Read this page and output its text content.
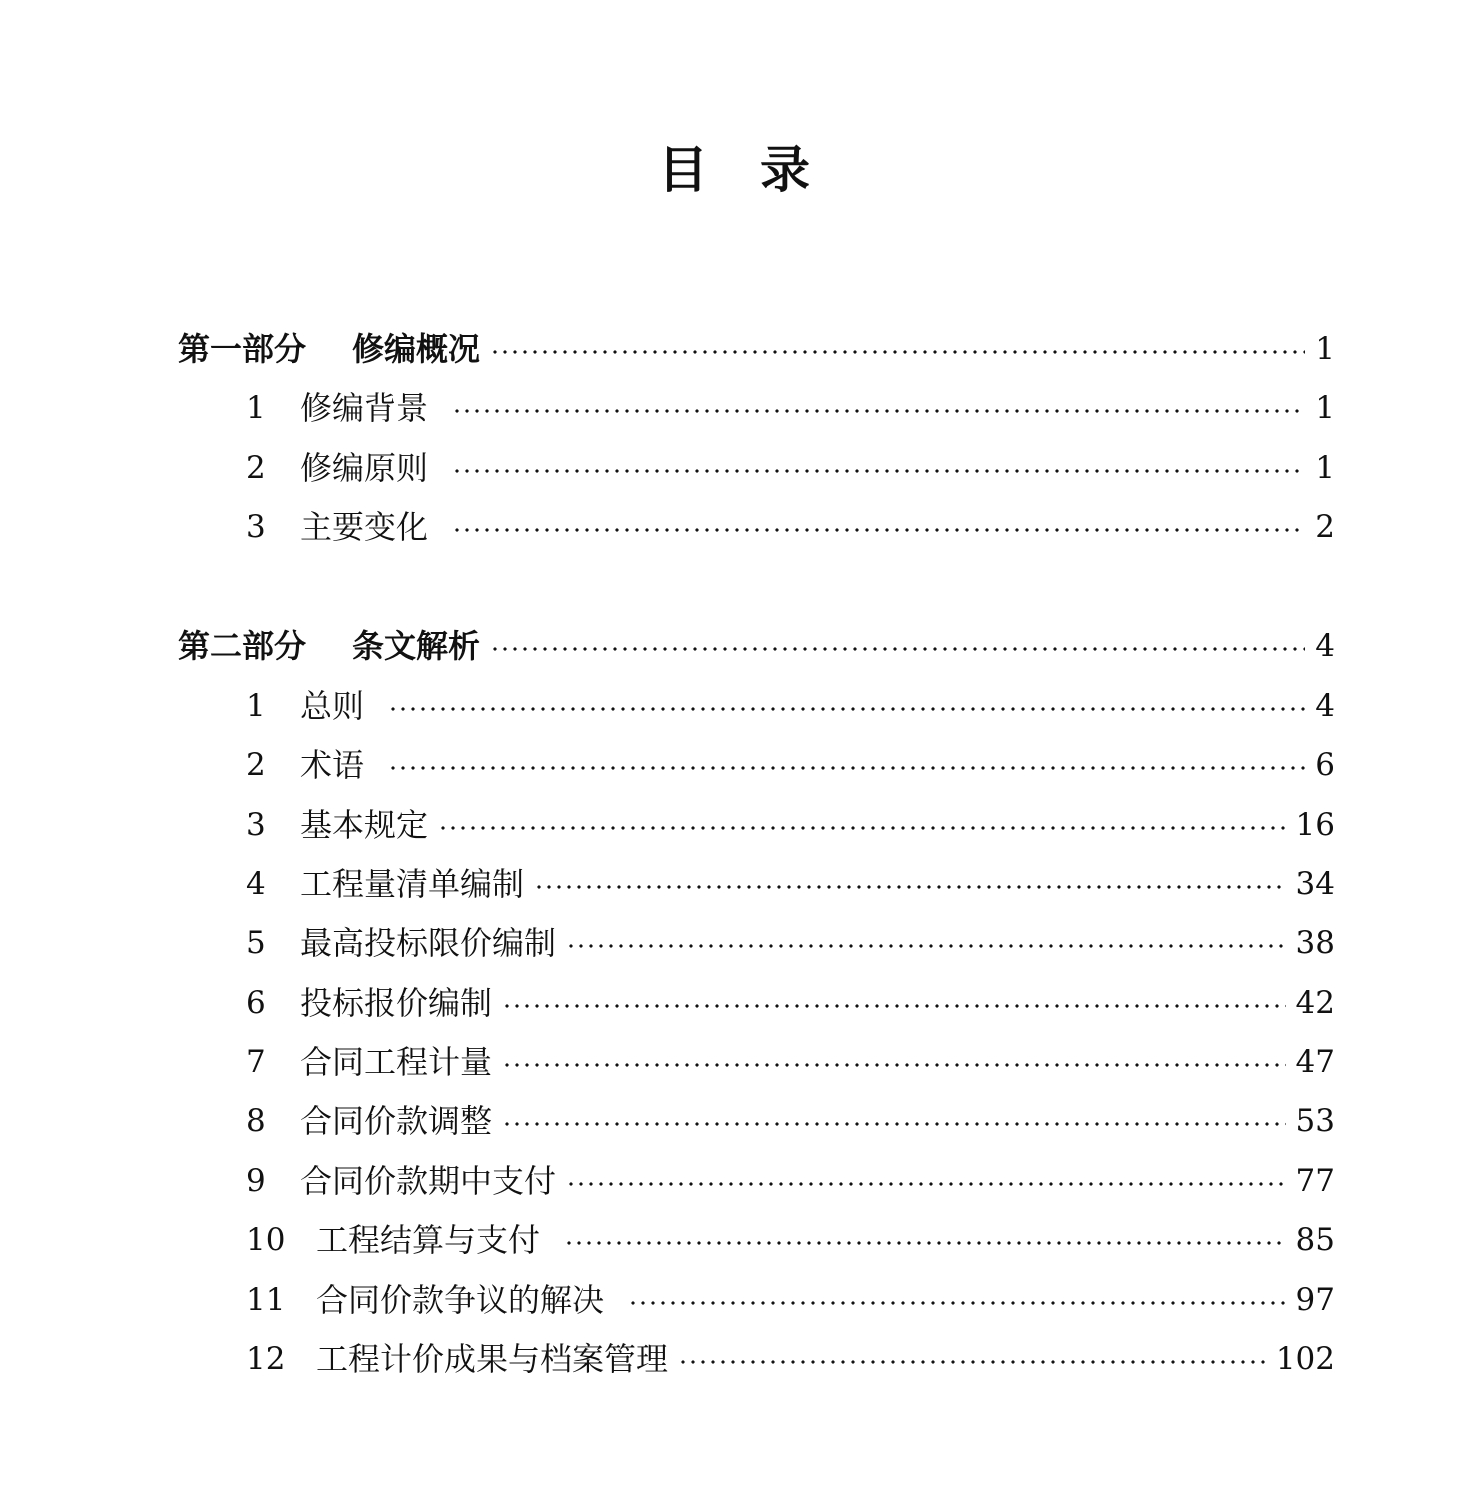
目 录
第一部分	修编概况	1
1	修编背景	1
2	修编原则	1
3	主要变化	2
第二部分	条文解析	4
1	总则	4
2	术语	6
3	基本规定	16
4	工程量清单编制	34
5	最高投标限价编制	38
6	投标报价编制	42
7	合同工程计量	47
8	合同价款调整	53
9	合同价款期中支付	77
10 工程结算与支付	85
11 合同价款争议的解决	97
12 工程计价成果与档案管理	102
